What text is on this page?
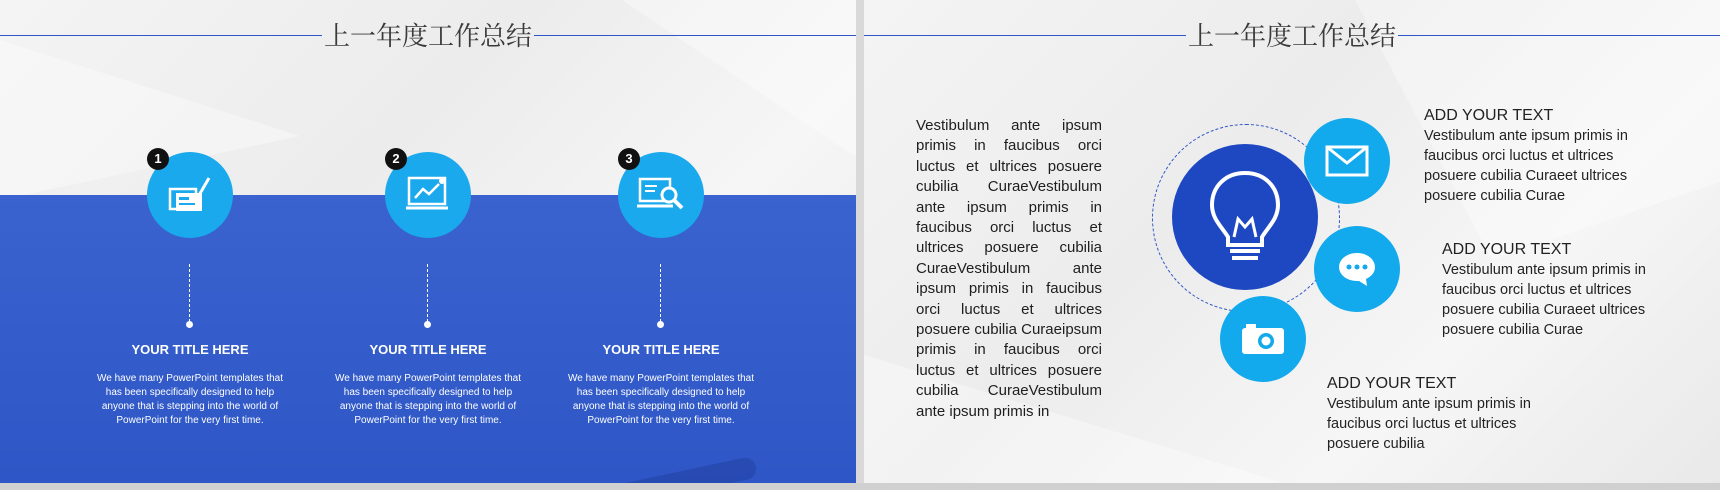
上一年度工作总结
1
YOUR TITLE HERE
We have many PowerPoint templates that
has been specifically designed to help
anyone that is stepping into the world of
PowerPoint for the very first time.
2
YOUR TITLE HERE
We have many PowerPoint templates that
has been specifically designed to help
anyone that is stepping into the world of
PowerPoint for the very first time.
3
YOUR TITLE HERE
We have many PowerPoint templates that
has been specifically designed to help
anyone that is stepping into the world of
PowerPoint for the very first time.
上一年度工作总结
Vestibulum ante ipsum primis in faucibus orci luctus et ultrices posuere cubilia CuraeVestibulum ante ipsum primis in faucibus orci luctus et ultrices posuere cubilia CuraeVestibulum ante ipsum primis in faucibus orci luctus et ultrices posuere cubilia Curaeipsum primis in faucibus orci luctus et ultrices posuere cubilia CuraeVestibulum ante ipsum primis in
ADD YOUR TEXT
Vestibulum ante ipsum primis in
faucibus orci luctus et ultrices
posuere cubilia Curaeet ultrices
posuere cubilia Curae
ADD YOUR TEXT
Vestibulum ante ipsum primis in
faucibus orci luctus et ultrices
posuere cubilia Curaeet ultrices
posuere cubilia Curae
ADD YOUR TEXT
Vestibulum ante ipsum primis in
faucibus orci luctus et ultrices
posuere cubilia
